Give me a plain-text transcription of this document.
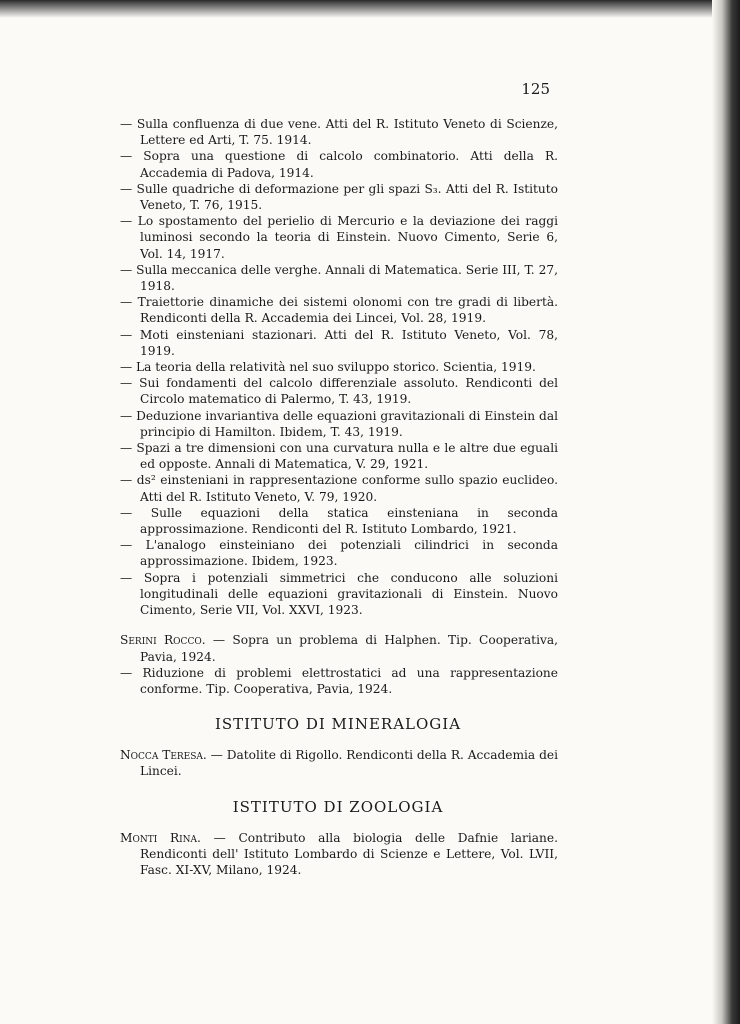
125
— Sulla confluenza di due vene. Atti del R. Istituto Veneto di Scienze, Lettere ed Arti, T. 75. 1914.
— Sopra una questione di calcolo combinatorio. Atti della R. Accademia di Padova, 1914.
— Sulle quadriche di deformazione per gli spazi S₃. Atti del R. Istituto Veneto, T. 76, 1915.
— Lo spostamento del perielio di Mercurio e la deviazione dei raggi luminosi secondo la teoria di Einstein. Nuovo Cimento, Serie 6, Vol. 14, 1917.
— Sulla meccanica delle verghe. Annali di Matematica. Serie III, T. 27, 1918.
— Traiettorie dinamiche dei sistemi olonomi con tre gradi di libertà. Rendiconti della R. Accademia dei Lincei, Vol. 28, 1919.
— Moti einsteniani stazionari. Atti del R. Istituto Veneto, Vol. 78, 1919.
— La teoria della relatività nel suo sviluppo storico. Scientia, 1919.
— Sui fondamenti del calcolo differenziale assoluto. Rendiconti del Circolo matematico di Palermo, T. 43, 1919.
— Deduzione invariantiva delle equazioni gravitazionali di Einstein dal principio di Hamilton. Ibidem, T. 43, 1919.
— Spazi a tre dimensioni con una curvatura nulla e le altre due eguali ed opposte. Annali di Matematica, V. 29, 1921.
— ds² einsteniani in rappresentazione conforme sullo spazio euclideo. Atti del R. Istituto Veneto, V. 79, 1920.
— Sulle equazioni della statica einsteniana in seconda approssimazione. Rendiconti del R. Istituto Lombardo, 1921.
— L'analogo einsteiniano dei potenziali cilindrici in seconda approssimazione. Ibidem, 1923.
— Sopra i potenziali simmetrici che conducono alle soluzioni longitudinali delle equazioni gravitazionali di Einstein. Nuovo Cimento, Serie VII, Vol. XXVI, 1923.
Serini Rocco. — Sopra un problema di Halphen. Tip. Cooperativa, Pavia, 1924.
— Riduzione di problemi elettrostatici ad una rappresentazione conforme. Tip. Cooperativa, Pavia, 1924.
ISTITUTO DI MINERALOGIA
Nocca Teresa. — Datolite di Rigollo. Rendiconti della R. Accademia dei Lincei.
ISTITUTO DI ZOOLOGIA
Monti Rina. — Contributo alla biologia delle Dafnie lariane. Rendiconti dell' Istituto Lombardo di Scienze e Lettere, Vol. LVII, Fasc. XI-XV, Milano, 1924.
